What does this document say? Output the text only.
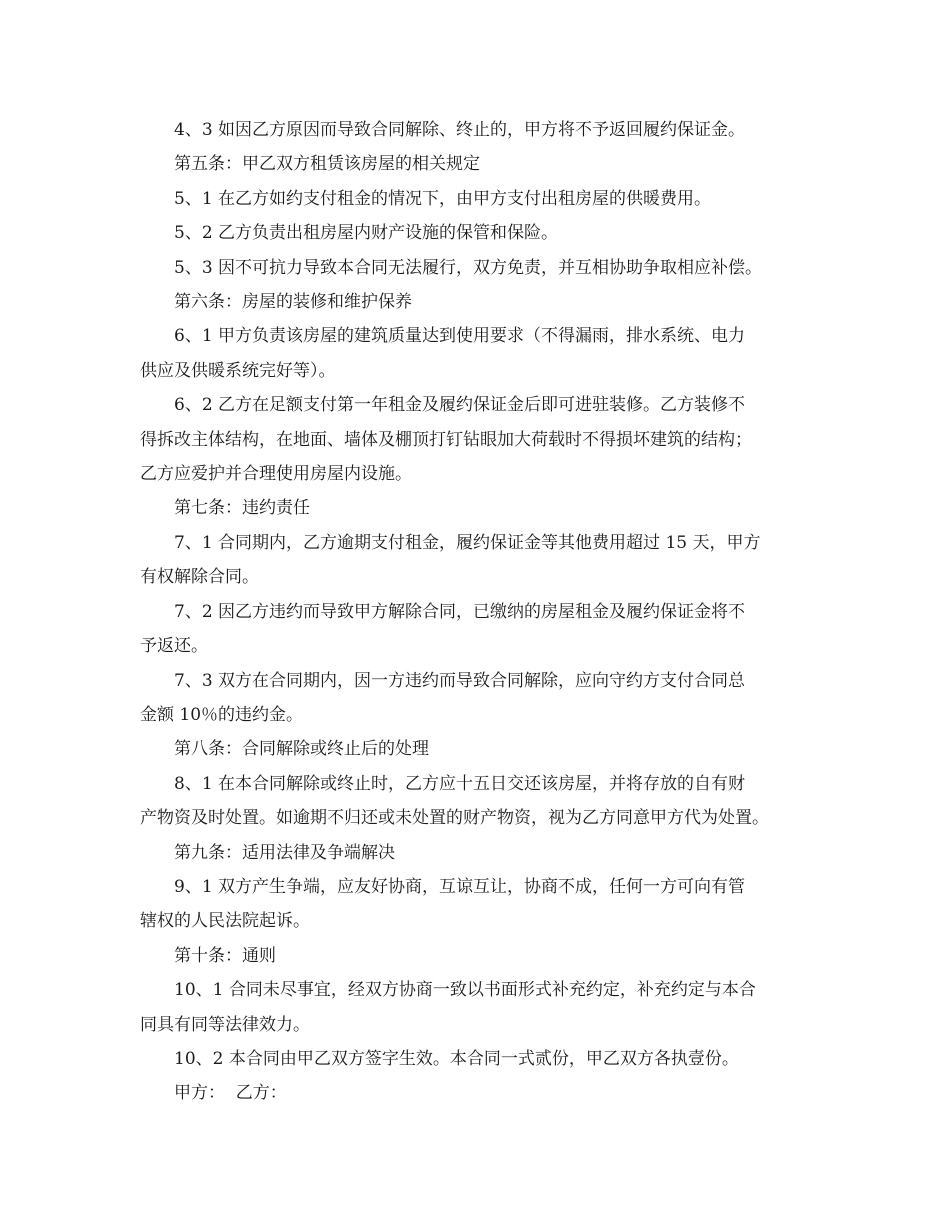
4、3 如因乙方原因而导致合同解除、终止的，甲方将不予返回履约保证金。

第五条：甲乙双方租赁该房屋的相关规定

5、1 在乙方如约支付租金的情况下，由甲方支付出租房屋的供暖费用。

5、2 乙方负责出租房屋内财产设施的保管和保险。

5、3 因不可抗力导致本合同无法履行，双方免责，并互相协助争取相应补偿。

第六条：房屋的装修和维护保养

6、1 甲方负责该房屋的建筑质量达到使用要求（不得漏雨，排水系统、电力

供应及供暖系统完好等）。

6、2 乙方在足额支付第一年租金及履约保证金后即可进驻装修。乙方装修不

得拆改主体结构，在地面、墙体及棚顶打钉钻眼加大荷载时不得损坏建筑的结构；

乙方应爱护并合理使用房屋内设施。

第七条：违约责任

7、1 合同期内，乙方逾期支付租金，履约保证金等其他费用超过 15 天，甲方

有权解除合同。

7、2 因乙方违约而导致甲方解除合同，已缴纳的房屋租金及履约保证金将不

予返还。

7、3 双方在合同期内，因一方违约而导致合同解除，应向守约方支付合同总

金额 10％的违约金。

第八条：合同解除或终止后的处理

8、1 在本合同解除或终止时，乙方应十五日交还该房屋，并将存放的自有财

产物资及时处置。如逾期不归还或未处置的财产物资，视为乙方同意甲方代为处置。

第九条：适用法律及争端解决

9、1 双方产生争端，应友好协商，互谅互让，协商不成，任何一方可向有管

辖权的人民法院起诉。

第十条：通则

10、1 合同未尽事宜，经双方协商一致以书面形式补充约定，补充约定与本合

同具有同等法律效力。

10、2 本合同由甲乙双方签字生效。本合同一式贰份，甲乙双方各执壹份。

甲方：  乙方：
